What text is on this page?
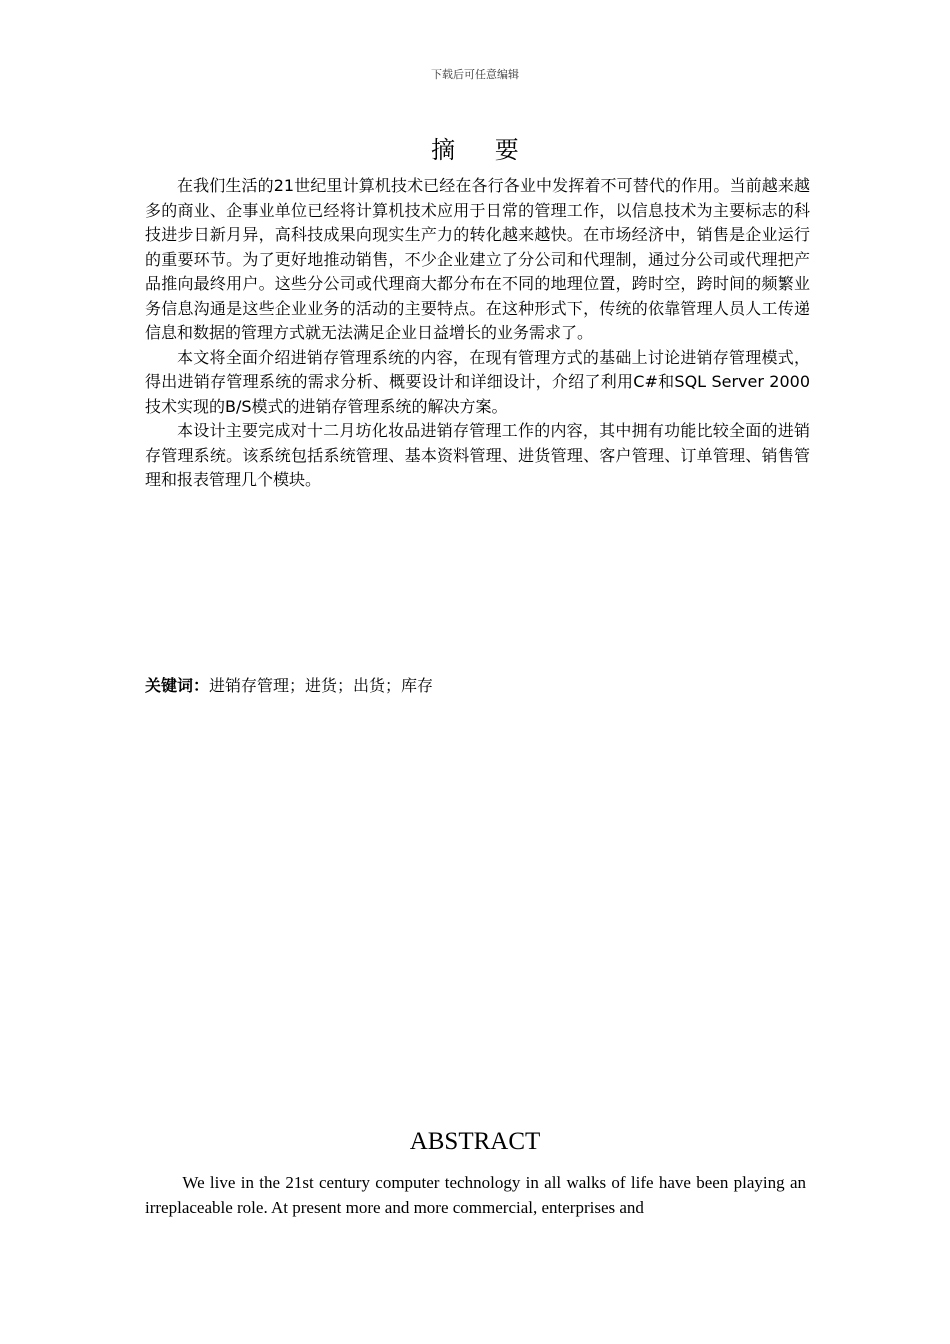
下载后可任意编辑
摘 要

在我们生活的21世纪里计算机技术已经在各行各业中发挥着不可替代的作用。当前越来越多的商业、企事业单位已经将计算机技术应用于日常的管理工作，以信息技术为主要标志的科技进步日新月异，高科技成果向现实生产力的转化越来越快。在市场经济中，销售是企业运行的重要环节。为了更好地推动销售，不少企业建立了分公司和代理制，通过分公司或代理把产品推向最终用户。这些分公司或代理商大都分布在不同的地理位置，跨时空，跨时间的频繁业务信息沟通是这些企业业务的活动的主要特点。在这种形式下，传统的依靠管理人员人工传递信息和数据的管理方式就无法满足企业日益增长的业务需求了。

本文将全面介绍进销存管理系统的内容，在现有管理方式的基础上讨论进销存管理模式，得出进销存管理系统的需求分析、概要设计和详细设计，介绍了利用C#和SQL Server 2000技术实现的B/S模式的进销存管理系统的解决方案。

本设计主要完成对十二月坊化妆品进销存管理工作的内容，其中拥有功能比较全面的进销存管理系统。该系统包括系统管理、基本资料管理、进货管理、客户管理、订单管理、销售管理和报表管理几个模块。

关键词：进销存管理；进货；出货；库存
ABSTRACT

We live in the 21st century computer technology in all walks of life have been playing an irreplaceable role. At present more and more commercial, enterprises and
